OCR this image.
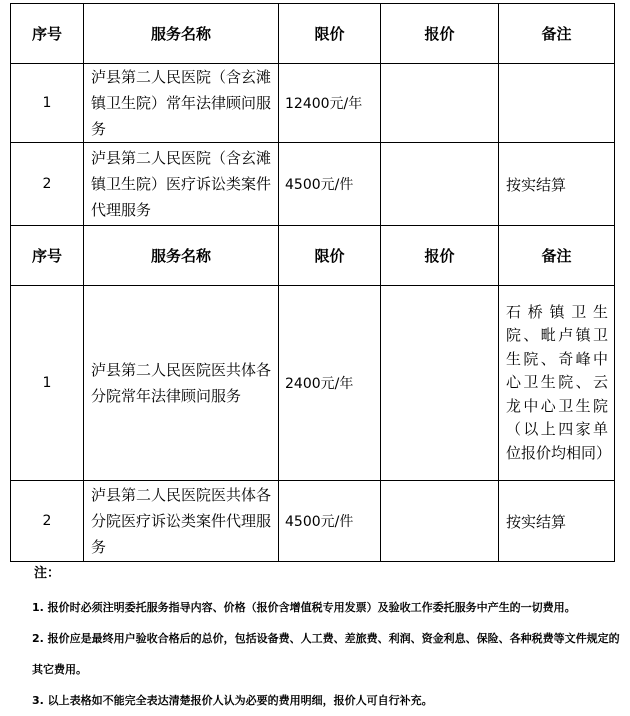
序号	服务名称	限价	报价	备注
1	泸县第二人民医院（含玄滩镇卫生院）常年法律顾问服务	12400元/年		
2	泸县第二人民医院（含玄滩镇卫生院）医疗诉讼类案件代理服务	4500元/件		按实结算
序号	服务名称	限价	报价	备注
1	泸县第二人民医院医共体各分院常年法律顾问服务	2400元/年		石桥镇卫生院、毗卢镇卫生院、奇峰中心卫生院、云龙中心卫生院（以上四家单位报价均相同）
2	泸县第二人民医院医共体各分院医疗诉讼类案件代理服务	4500元/件		按实结算
注：
1. 报价时必须注明委托服务指导内容、价格（报价含增值税专用发票）及验收工作委托服务中产生的一切费用。
2. 报价应是最终用户验收合格后的总价，包括设备费、人工费、差旅费、利润、资金利息、保险、各种税费等文件规定的其它费用。
3. 以上表格如不能完全表达清楚报价人认为必要的费用明细，报价人可自行补充。
